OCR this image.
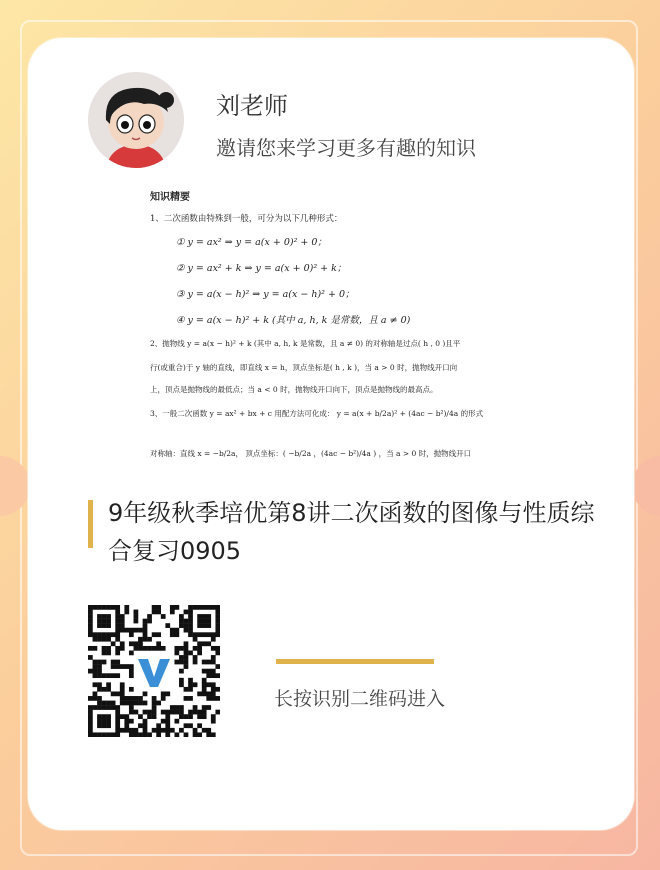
刘老师
邀请您来学习更多有趣的知识
知识精要
1、二次函数由特殊到一般，可分为以下几种形式：
① y = ax² ⇒ y = a(x + 0)² + 0；
② y = ax² + k ⇒ y = a(x + 0)² + k；
③ y = a(x − h)² ⇒ y = a(x − h)² + 0；
④ y = a(x − h)² + k (其中 a, h, k 是常数，且 a ≠ 0)
2、抛物线 y = a(x − h)² + k (其中 a, h, k 是常数，且 a ≠ 0) 的对称轴是过点( h , 0 )且平
行(或重合)于 y 轴的直线，即直线 x = h，顶点坐标是( h , k )，当 a > 0 时，抛物线开口向
上，顶点是抛物线的最低点；当 a < 0 时，抛物线开口向下，顶点是抛物线的最高点。
3、一般二次函数 y = ax² + bx + c 用配方法可化成： y = a(x + b/2a)² + (4ac − b²)/4a 的形式
对称轴：直线 x = −b/2a， 顶点坐标：( −b/2a ，(4ac − b²)/4a ) ，当 a > 0 时，抛物线开口
9年级秋季培优第8讲二次函数的图像与性质综合复习0905
长按识别二维码进入
